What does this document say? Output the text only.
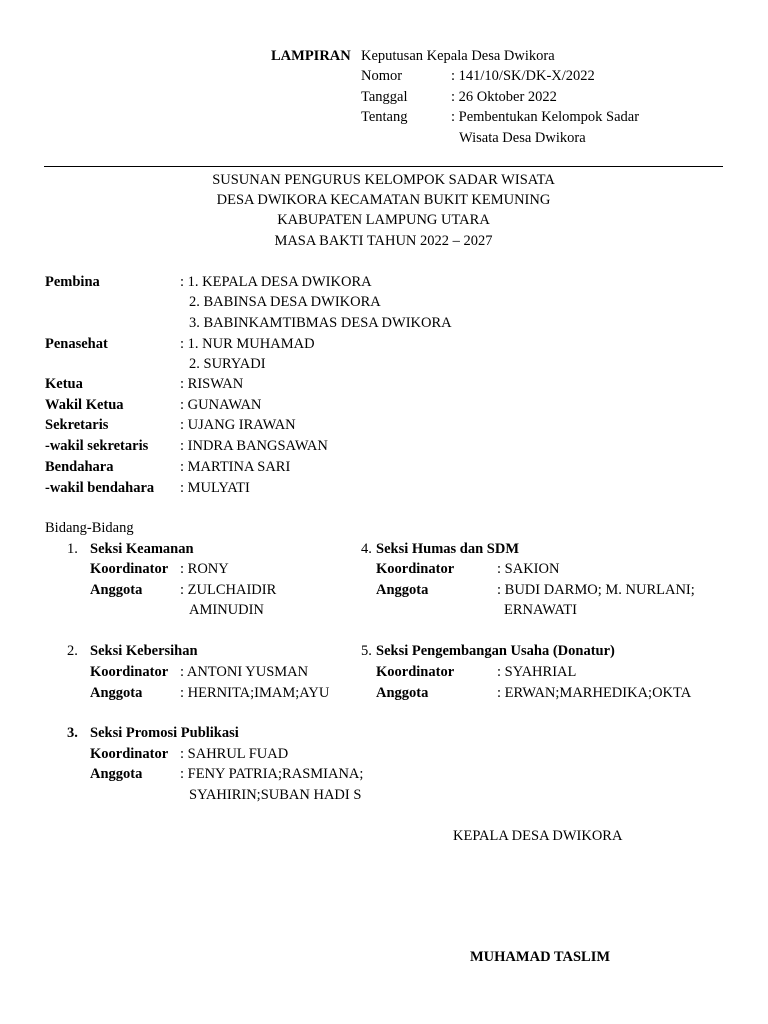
LAMPIRAN Keputusan Kepala Desa Dwikora
Nomor	: 141/10/SK/DK-X/2022
Tanggal	: 26 Oktober 2022
Tentang	: Pembentukan Kelompok Sadar
Wisata Desa Dwikora
SUSUNAN PENGURUS KELOMPOK SADAR WISATA
DESA DWIKORA KECAMATAN BUKIT KEMUNING
KABUPATEN LAMPUNG UTARA
MASA BAKTI TAHUN 2022 – 2027
Pembina	: 1. KEPALA DESA DWIKORA
2. BABINSA DESA DWIKORA
3. BABINKAMTIBMAS DESA DWIKORA
Penasehat	: 1. NUR MUHAMAD
2. SURYADI
Ketua	: RISWAN
Wakil Ketua	: GUNAWAN
Sekretaris	: UJANG IRAWAN
-wakil sekretaris : INDRA BANGSAWAN
Bendahara	: MARTINA SARI
-wakil bendahara : MULYATI
Bidang-Bidang
1. Seksi Keamanan
Koordinator : RONY
Anggota	: ZULCHAIDIR
AMINUDIN
4. Seksi Humas dan SDM
Koordinator	: SAKION
Anggota	: BUDI DARMO; M. NURLANI;
ERNAWATI
2. Seksi Kebersihan
Koordinator : ANTONI YUSMAN
Anggota	: HERNITA;IMAM;AYU
5. Seksi Pengembangan Usaha (Donatur)
Koordinator	: SYAHRIAL
Anggota	: ERWAN;MARHEDIKA;OKTA
3. Seksi Promosi Publikasi
Koordinator : SAHRUL FUAD
Anggota	: FENY PATRIA;RASMIANA;
SYAHIRIN;SUBAN HADI S
KEPALA DESA DWIKORA
MUHAMAD TASLIM
